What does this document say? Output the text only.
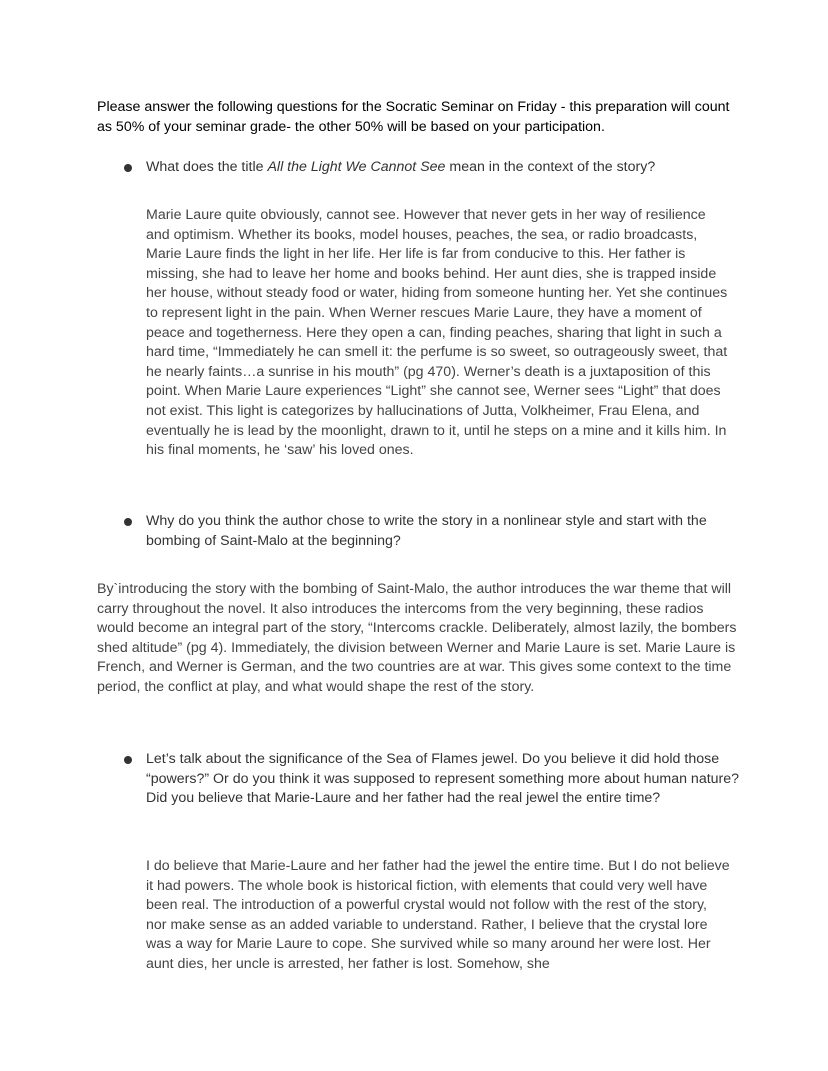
Please answer the following questions for the Socratic Seminar on Friday - this preparation will count as 50% of your seminar grade- the other 50% will be based on your participation.

What does the title All the Light We Cannot See mean in the context of the story?

Marie Laure quite obviously, cannot see. However that never gets in her way of resilience and optimism. Whether its books, model houses, peaches, the sea, or radio broadcasts, Marie Laure finds the light in her life. Her life is far from conducive to this. Her father is missing, she had to leave her home and books behind. Her aunt dies, she is trapped inside her house, without steady food or water, hiding from someone hunting her. Yet she continues to represent light in the pain. When Werner rescues Marie Laure, they have a moment of peace and togetherness. Here they open a can, finding peaches, sharing that light in such a hard time, “Immediately he can smell it: the perfume is so sweet, so outrageously sweet, that he nearly faints…a sunrise in his mouth” (pg 470). Werner’s death is a juxtaposition of this point. When Marie Laure experiences “Light” she cannot see, Werner sees “Light” that does not exist. This light is categorizes by hallucinations of Jutta, Volkheimer, Frau Elena, and eventually he is lead by the moonlight, drawn to it, until he steps on a mine and it kills him. In his final moments, he ‘saw’ his loved ones.

Why do you think the author chose to write the story in a nonlinear style and start with the bombing of Saint-Malo at the beginning?

By`introducing the story with the bombing of Saint-Malo, the author introduces the war theme that will carry throughout the novel. It also introduces the intercoms from the very beginning, these radios would become an integral part of the story, “Intercoms crackle. Deliberately, almost lazily, the bombers shed altitude” (pg 4). Immediately, the division between Werner and Marie Laure is set. Marie Laure is French, and Werner is German, and the two countries are at war. This gives some context to the time period, the conflict at play, and what would shape the rest of the story.

Let’s talk about the significance of the Sea of Flames jewel. Do you believe it did hold those “powers?” Or do you think it was supposed to represent something more about human nature? Did you believe that Marie-Laure and her father had the real jewel the entire time?

I do believe that Marie-Laure and her father had the jewel the entire time. But I do not believe it had powers. The whole book is historical fiction, with elements that could very well have been real. The introduction of a powerful crystal would not follow with the rest of the story, nor make sense as an added variable to understand. Rather, I believe that the crystal lore was a way for Marie Laure to cope. She survived while so many around her were lost. Her aunt dies, her uncle is arrested, her father is lost. Somehow, she
